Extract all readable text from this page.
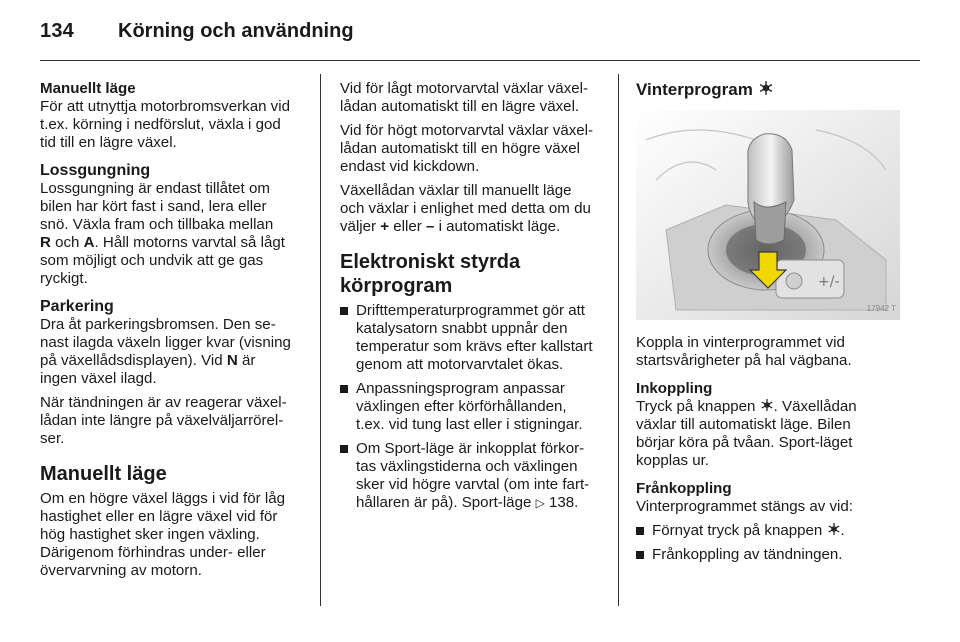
134 Körning och användning
Manuellt läge
För att utnyttja motorbromsverkan vid
t.ex. körning i nedförslut, växla i god
tid till en lägre växel.
Lossgungning
Lossgungning är endast tillåtet om
bilen har kört fast i sand, lera eller
snö. Växla fram och tillbaka mellan
R och A. Håll motorns varvtal så lågt
som möjligt och undvik att ge gas
ryckigt.
Parkering
Dra åt parkeringsbromsen. Den se-
nast ilagda växeln ligger kvar (visning
på växellådsdisplayen). Vid N är
ingen växel ilagd.
När tändningen är av reagerar växel-
lådan inte längre på växelväljarrörel-
ser.
Manuellt läge
Om en högre växel läggs i vid för låg
hastighet eller en lägre växel vid för
hög hastighet sker ingen växling.
Därigenom förhindras under- eller
övervarvning av motorn.
Vid för lågt motorvarvtal växlar växel-
lådan automatiskt till en lägre växel.
Vid för högt motorvarvtal växlar växel-
lådan automatiskt till en högre växel
endast vid kickdown.
Växellådan växlar till manuellt läge
och växlar i enlighet med detta om du
väljer + eller – i automatiskt läge.
Elektroniskt styrda
körprogram
Drifttemperaturprogrammet gör att
katalysatorn snabbt uppnår den
temperatur som krävs efter kallstart
genom att motorvarvtalet ökas.
Anpassningsprogram anpassar
växlingen efter körförhållanden,
t.ex. vid tung last eller i stigningar.
Om Sport-läge är inkopplat förkor-
tas växlingstiderna och växlingen
sker vid högre varvtal (om inte fart-
hållaren är på). Sport-läge ▷ 138.
Vinterprogram
+/-
17942 T
Koppla in vinterprogrammet vid
startsvårigheter på hal vägbana.
Inkoppling
Tryck på knappen . Växellådan
växlar till automatiskt läge. Bilen
börjar köra på tvåan. Sport-läget
kopplas ur.
Frånkoppling
Vinterprogrammet stängs av vid:
Förnyat tryck på knappen .
Frånkoppling av tändningen.
